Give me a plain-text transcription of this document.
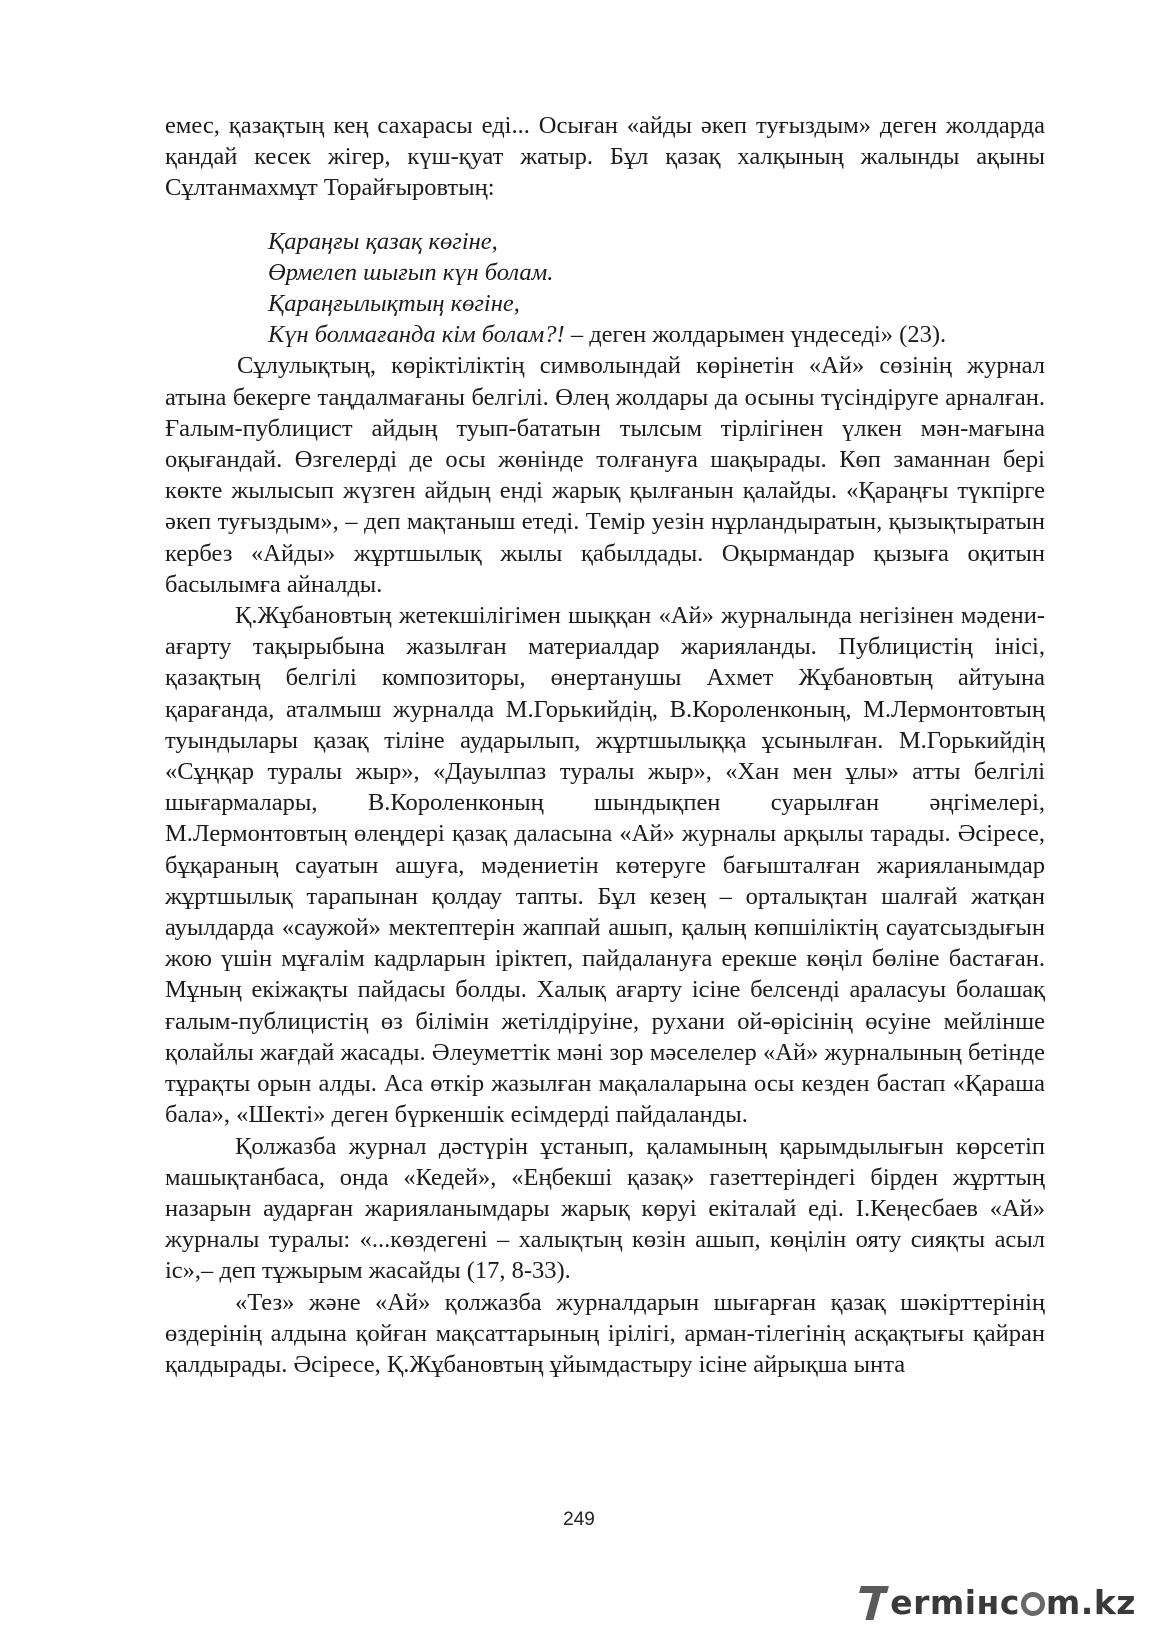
емес, қазақтың кең сахарасы еді... Осыған «айды әкеп туғыздым» деген жолдарда қандай кесек жігер, күш-қуат жатыр. Бұл қазақ халқының жалынды ақыны Сұлтанмахмұт Торайғыровтың:

Қараңғы қазақ көгіне,
Өрмелеп шығып күн болам.
Қараңғылықтың көгіне,
Күн болмағанда кім болам?! – деген жолдарымен үндеседі» (23).

Сұлулықтың, көріктіліктің символындай көрінетін «Ай» сөзінің журнал атына бекерге таңдалмағаны белгілі. Өлең жолдары да осыны түсіндіруге арналған. Ғалым-публицист айдың туып-бататын тылсым тірлігінен үлкен мән-мағына оқығандай. Өзгелерді де осы жөнінде толғануға шақырады. Көп заманнан бері көкте жылысып жүзген айдың енді жарық қылғанын қалайды. «Қараңғы түкпірге әкеп туғыздым», – деп мақтаныш етеді. Темір уезін нұрландыратын, қызықтыратын кербез «Айды» жұртшылық жылы қабылдады. Оқырмандар қызыға оқитын басылымға айналды.

Қ.Жұбановтың жетекшілігімен шыққан «Ай» журналында негізінен мәдени-ағарту тақырыбына жазылған материалдар жарияланды. Публицистің інісі, қазақтың белгілі композиторы, өнертанушы Ахмет Жұбановтың айтуына қарағанда, аталмыш журналда М.Горькийдің, В.Короленконың, М.Лермонтовтың туындылары қазақ тіліне аударылып, жұртшылыққа ұсынылған. М.Горькийдің «Сұңқар туралы жыр», «Дауылпаз туралы жыр», «Хан мен ұлы» атты белгілі шығармалары, В.Короленконың шындықпен суарылған әңгімелері, М.Лермонтовтың өлеңдері қазақ даласына «Ай» журналы арқылы тарады. Әсіресе, бұқараның сауатын ашуға, мәдениетін көтеруге бағышталған жарияланымдар жұртшылық тарапынан қолдау тапты. Бұл кезең – орталықтан шалғай жатқан ауылдарда «саужой» мектептерін жаппай ашып, қалың көпшіліктің сауатсыздығын жою үшін мұғалім кадрларын іріктеп, пайдалануға ерекше көңіл бөліне бастаған. Мұның екіжақты пайдасы болды. Халық ағарту ісіне белсенді араласуы болашақ ғалым-публицистің өз білімін жетілдіруіне, рухани ой-өрісінің өсуіне мейлінше қолайлы жағдай жасады. Әлеуметтік мәні зор мәселелер «Ай» журналының бетінде тұрақты орын алды. Аса өткір жазылған мақалаларына осы кезден бастап «Қараша бала», «Шекті» деген бүркеншік есімдерді пайдаланды.

Қолжазба журнал дәстүрін ұстанып, қаламының қарымдылығын көрсетіп машықтанбаса, онда «Кедей», «Еңбекші қазақ» газеттеріндегі бірден жұрттың назарын аударған жарияланымдары жарық көруі екіталай еді. І.Кеңесбаев «Ай» журналы туралы: «...көздегені – халықтың көзін ашып, көңілін ояту сияқты асыл іс»,– деп тұжырым жасайды (17, 8-33).

«Тез» және «Ай» қолжазба журналдарын шығарған қазақ шәкірттерінің өздерінің алдына қойған мақсаттарының ірілігі, арман-тілегінің асқақтығы қайран қалдырады. Әсіресе, Қ.Жұбановтың ұйымдастыру ісіне айрықша ынта

249
ermінc m.kz
